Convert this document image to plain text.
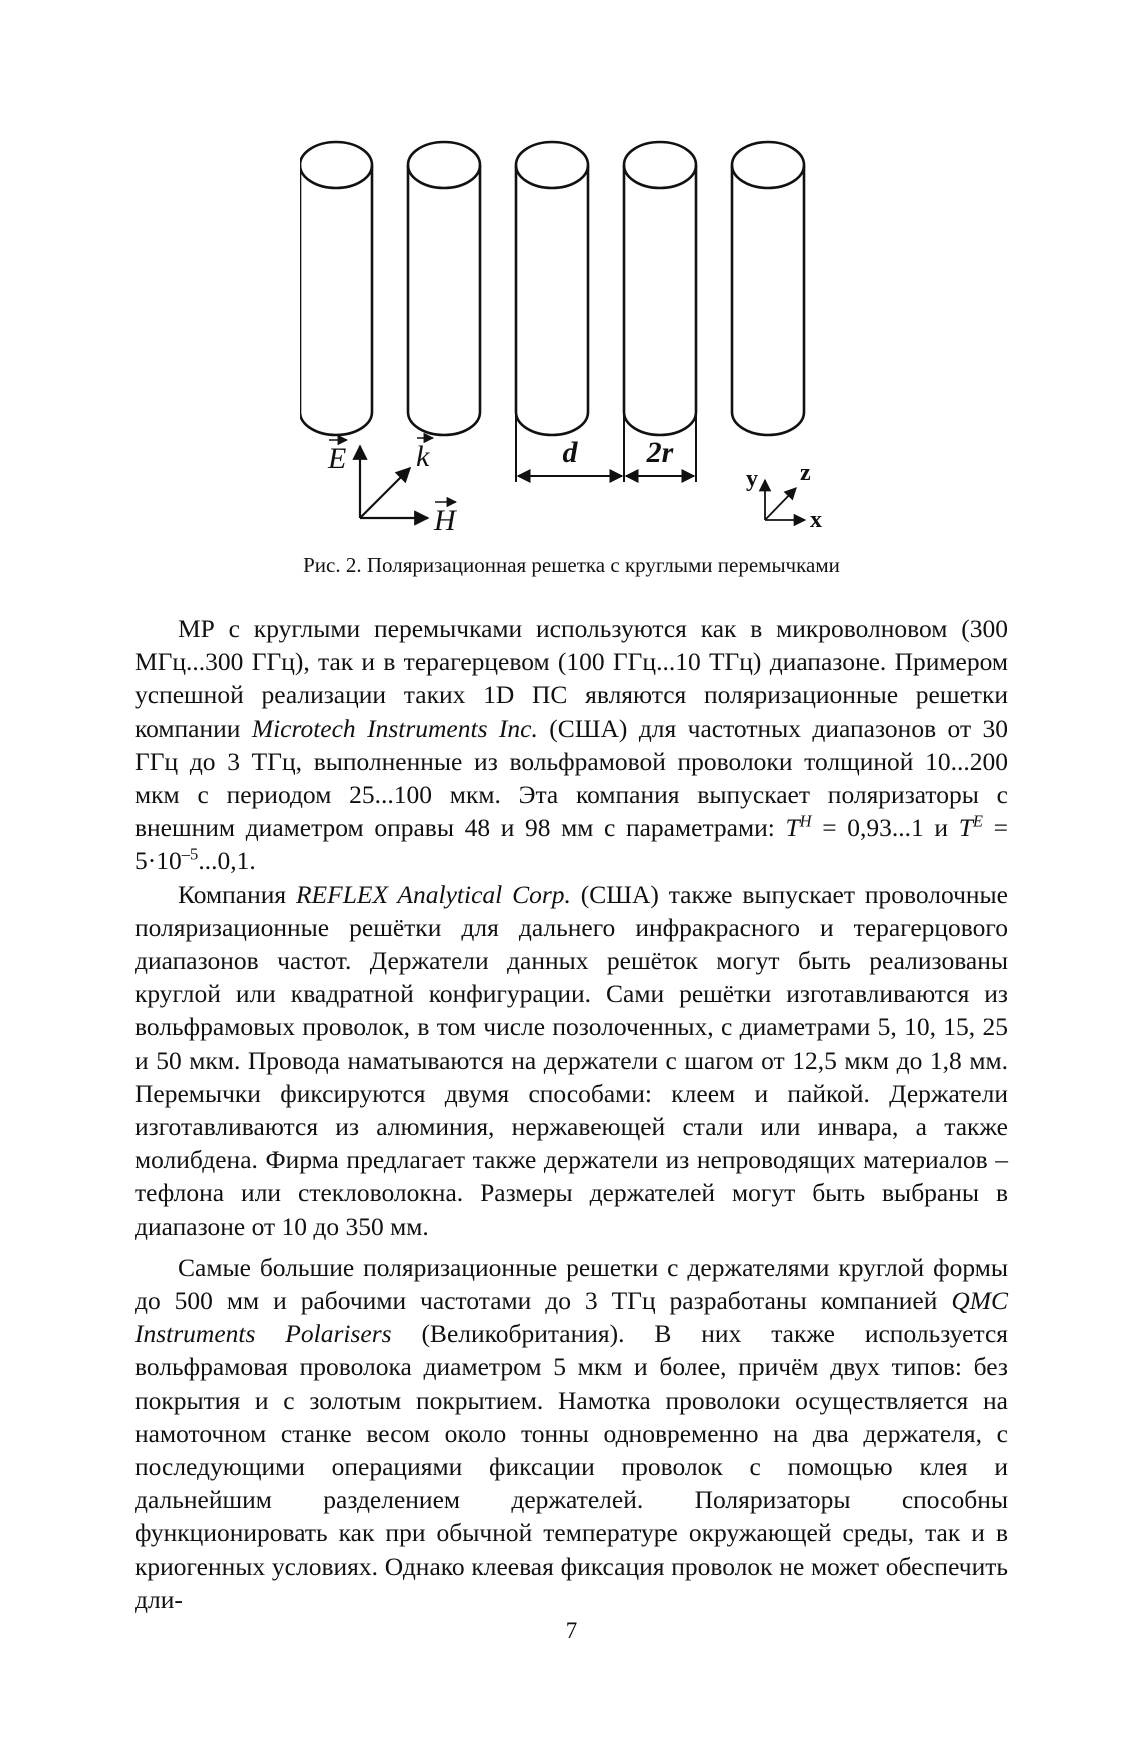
d 2r
E k
H
y z
x
Рис. 2. Поляризационная решетка с круглыми перемычками

МР с круглыми перемычками используются как в микроволновом (300 МГц...300 ГГц), так и в терагерцевом (100 ГГц...10 ТГц) диапазоне. Примером успешной реализации таких 1D ПС являются поляризационные решетки компании Microtech Instruments Inc. (США) для частотных диапазонов от 30 ГГц до 3 ТГц, выполненные из вольфрамовой проволоки толщиной 10...200 мкм с периодом 25...100 мкм. Эта компания выпускает поляризаторы с внешним диаметром оправы 48 и 98 мм с параметрами: $T^H = 0,93...1$ и $T^E = 5\cdot 10^{-5}...0,1$.

Компания REFLEX Analytical Corp. (США) также выпускает проволочные поляризационные решётки для дальнего инфракрасного и терагерцового диапазонов частот. Держатели данных решёток могут быть реализованы круглой или квадратной конфигурации. Сами решётки изготавливаются из вольфрамовых проволок, в том числе позолоченных, с диаметрами 5, 10, 15, 25 и 50 мкм. Провода наматываются на держатели с шагом от 12,5 мкм до 1,8 мм. Перемычки фиксируются двумя способами: клеем и пайкой. Держатели изготавливаются из алюминия, нержавеющей стали или инвара, а также молибдена. Фирма предлагает также держатели из непроводящих материалов – тефлона или стекловолокна. Размеры держателей могут быть выбраны в диапазоне от 10 до 350 мм.

Самые большие поляризационные решетки с держателями круглой формы до 500 мм и рабочими частотами до 3 ТГц разработаны компанией QMC Instruments Polarisers (Великобритания). В них также используется вольфрамовая проволока диаметром 5 мкм и более, причём двух типов: без покрытия и с золотым покрытием. Намотка проволоки осуществляется на намоточном станке весом около тонны одновременно на два держателя, с последующими операциями фиксации проволок с помощью клея и дальнейшим разделением держателей. Поляризаторы способны функционировать как при обычной температуре окружающей среды, так и в криогенных условиях. Однако клеевая фиксация проволок не может обеспечить дли-

7
